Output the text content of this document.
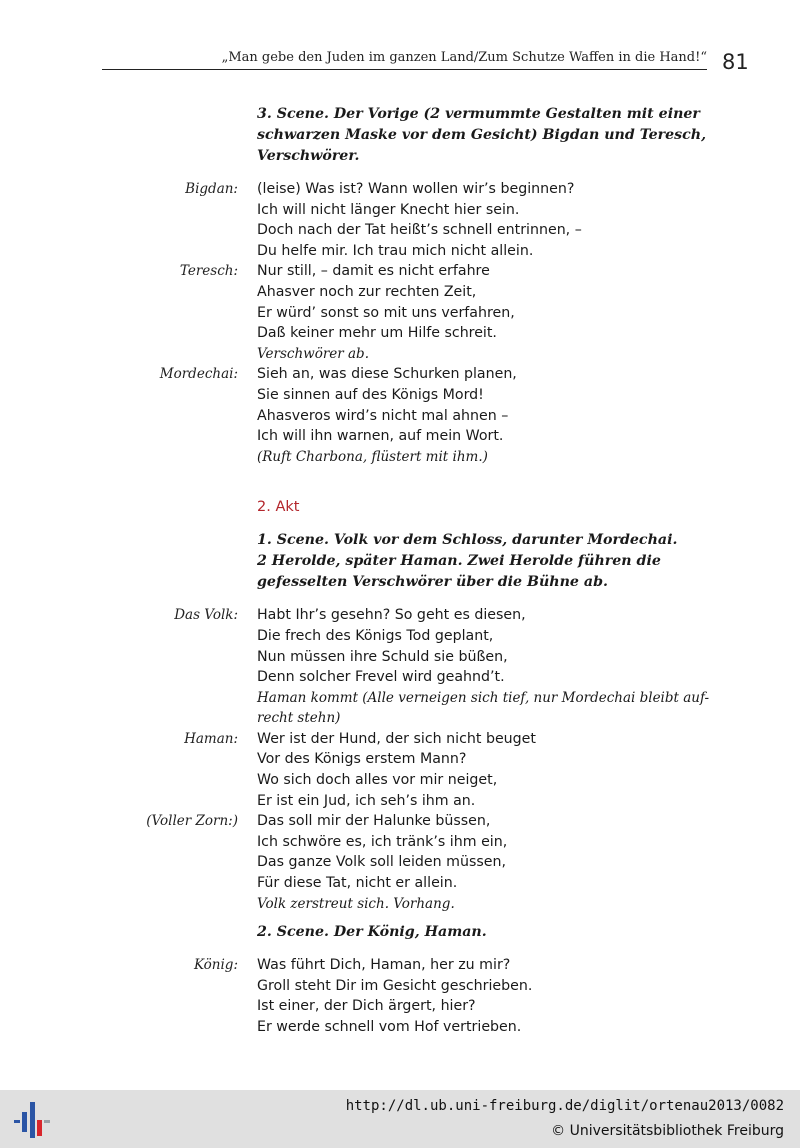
„Man gebe den Juden im ganzen Land/Zum Schutze Waffen in die Hand!“ 81
3. Scene. Der Vorige (2 vermummte Gestalten mit einer
schwarzen Maske vor dem Gesicht) Bigdan und Teresch,
Verschwörer.
Bigdan: (leise) Was ist? Wann wollen wir’s beginnen?
Ich will nicht länger Knecht hier sein.
Doch nach der Tat heißt’s schnell entrinnen, –
Du helfe mir. Ich trau mich nicht allein.
Teresch: Nur still, – damit es nicht erfahre
Ahasver noch zur rechten Zeit,
Er würd’ sonst so mit uns verfahren,
Daß keiner mehr um Hilfe schreit.
Verschwörer ab.
Mordechai: Sieh an, was diese Schurken planen,
Sie sinnen auf des Königs Mord!
Ahasveros wird’s nicht mal ahnen –
Ich will ihn warnen, auf mein Wort.
(Ruft Charbona, flüstert mit ihm.)
2. Akt
1. Scene. Volk vor dem Schloss, darunter Mordechai.
2 Herolde, später Haman. Zwei Herolde führen die
gefesselten Verschwörer über die Bühne ab.
Das Volk: Habt Ihr’s gesehn? So geht es diesen,
Die frech des Königs Tod geplant,
Nun müssen ihre Schuld sie büßen,
Denn solcher Frevel wird geahnd’t.
Haman kommt (Alle verneigen sich tief, nur Mordechai bleibt auf-
recht stehn)
Haman: Wer ist der Hund, der sich nicht beuget
Vor des Königs erstem Mann?
Wo sich doch alles vor mir neiget,
Er ist ein Jud, ich seh’s ihm an.
(Voller Zorn:) Das soll mir der Halunke büssen,
Ich schwöre es, ich tränk’s ihm ein,
Das ganze Volk soll leiden müssen,
Für diese Tat, nicht er allein.
Volk zerstreut sich. Vorhang.
2. Scene. Der König, Haman.
König: Was führt Dich, Haman, her zu mir?
Groll steht Dir im Gesicht geschrieben.
Ist einer, der Dich ärgert, hier?
Er werde schnell vom Hof vertrieben.
http://dl.ub.uni-freiburg.de/diglit/ortenau2013/0082
© Universitätsbibliothek Freiburg
